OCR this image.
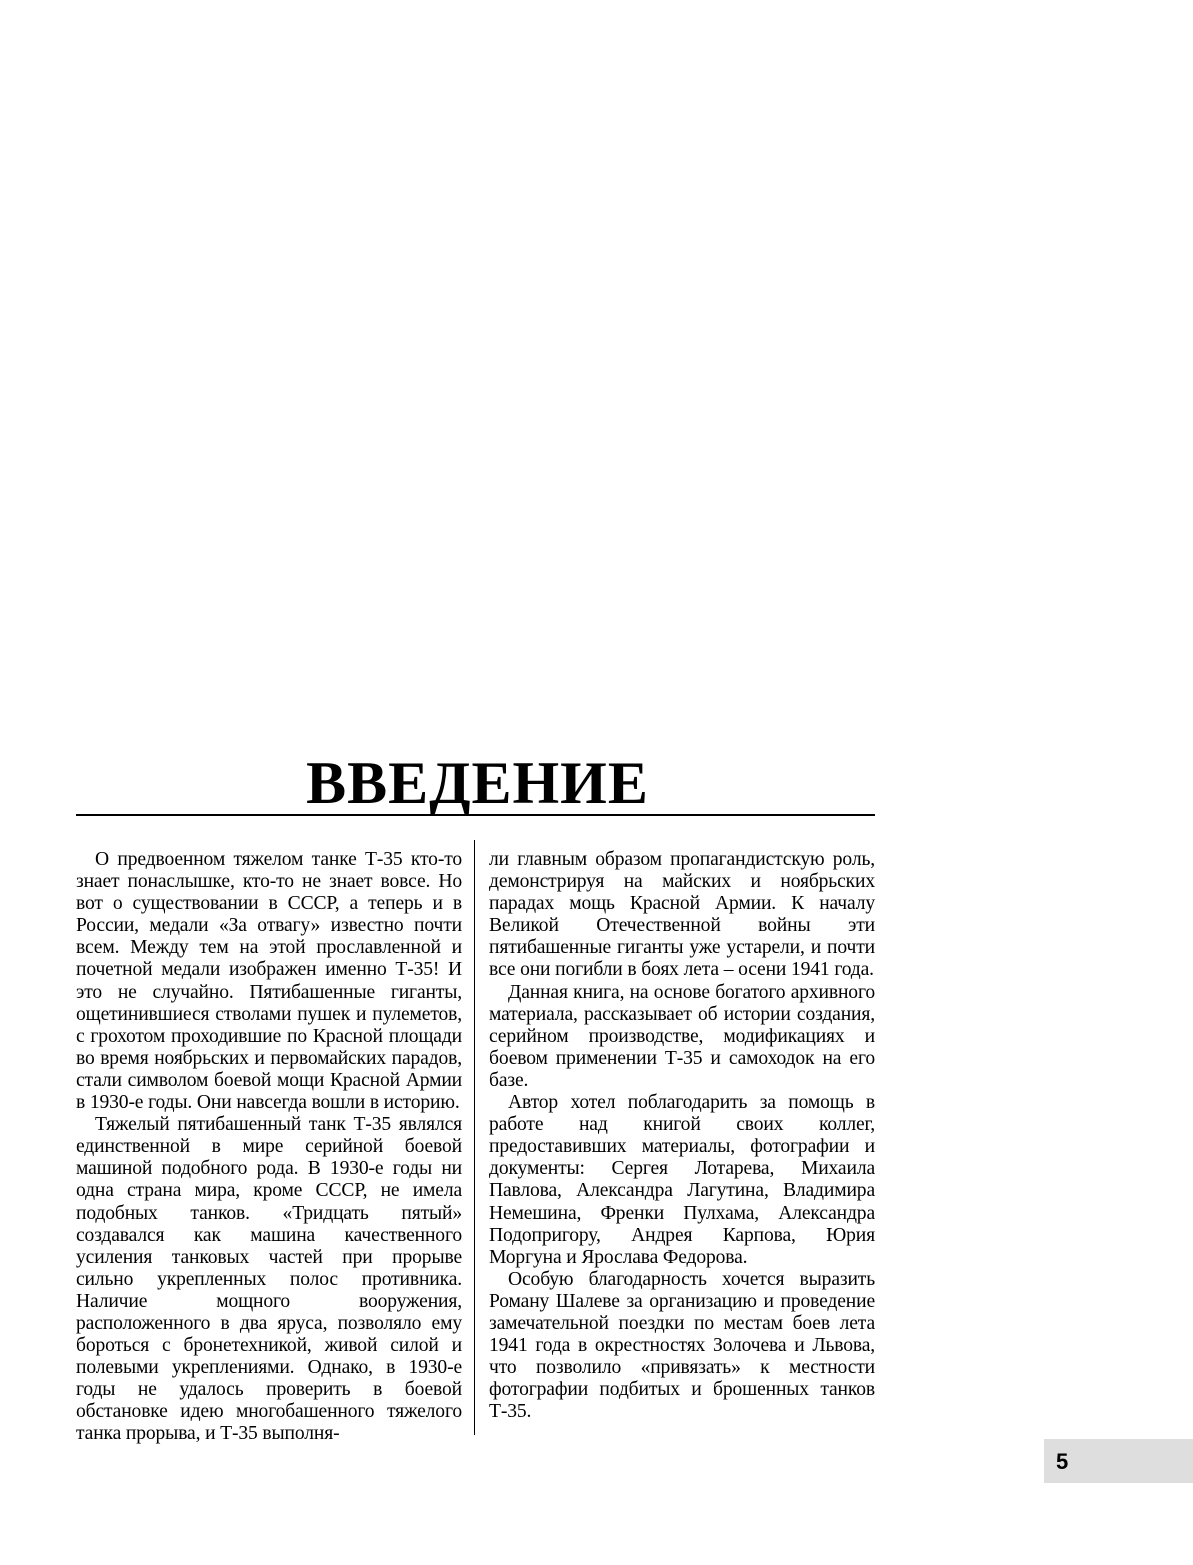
ВВЕДЕНИЕ

О предвоенном тяжелом танке Т-35 кто-то знает понаслышке, кто-то не знает вовсе. Но вот о существовании в СССР, а теперь и в России, медали «За отвагу» известно почти всем. Между тем на этой прославленной и почетной медали изображен именно Т-35! И это не случайно. Пятибашенные гиганты, ощетинившиеся стволами пушек и пулеметов, с грохотом проходившие по Красной площади во время ноябрьских и первомайских парадов, стали символом боевой мощи Красной Армии в 1930-е годы. Они навсегда вошли в историю.

Тяжелый пятибашенный танк Т-35 являлся единственной в мире серийной боевой машиной подобного рода. В 1930-е годы ни одна страна мира, кроме СССР, не имела подобных танков. «Тридцать пятый» создавался как машина качественного усиления танковых частей при прорыве сильно укрепленных полос противника. Наличие мощного вооружения, расположенного в два яруса, позволяло ему бороться с бронетехникой, живой силой и полевыми укреплениями. Однако, в 1930-е годы не удалось проверить в боевой обстановке идею многобашенного тяжелого танка прорыва, и Т-35 выполня-

ли главным образом пропагандистскую роль, демонстрируя на майских и ноябрьских парадах мощь Красной Армии. К началу Великой Отечественной войны эти пятибашенные гиганты уже устарели, и почти все они погибли в боях лета – осени 1941 года.

Данная книга, на основе богатого архивного материала, рассказывает об истории создания, серийном производстве, модификациях и боевом применении Т-35 и самоходок на его базе.

Автор хотел поблагодарить за помощь в работе над книгой своих коллег, предоставивших материалы, фотографии и документы: Сергея Лотарева, Михаила Павлова, Александра Лагутина, Владимира Немешина, Френки Пулхама, Александра Подопригору, Андрея Карпова, Юрия Моргуна и Ярослава Федорова.

Особую благодарность хочется выразить Роману Шалеве за организацию и проведение замечательной поездки по местам боев лета 1941 года в окрестностях Золочева и Львова, что позволило «привязать» к местности фотографии подбитых и брошенных танков Т-35.

5
